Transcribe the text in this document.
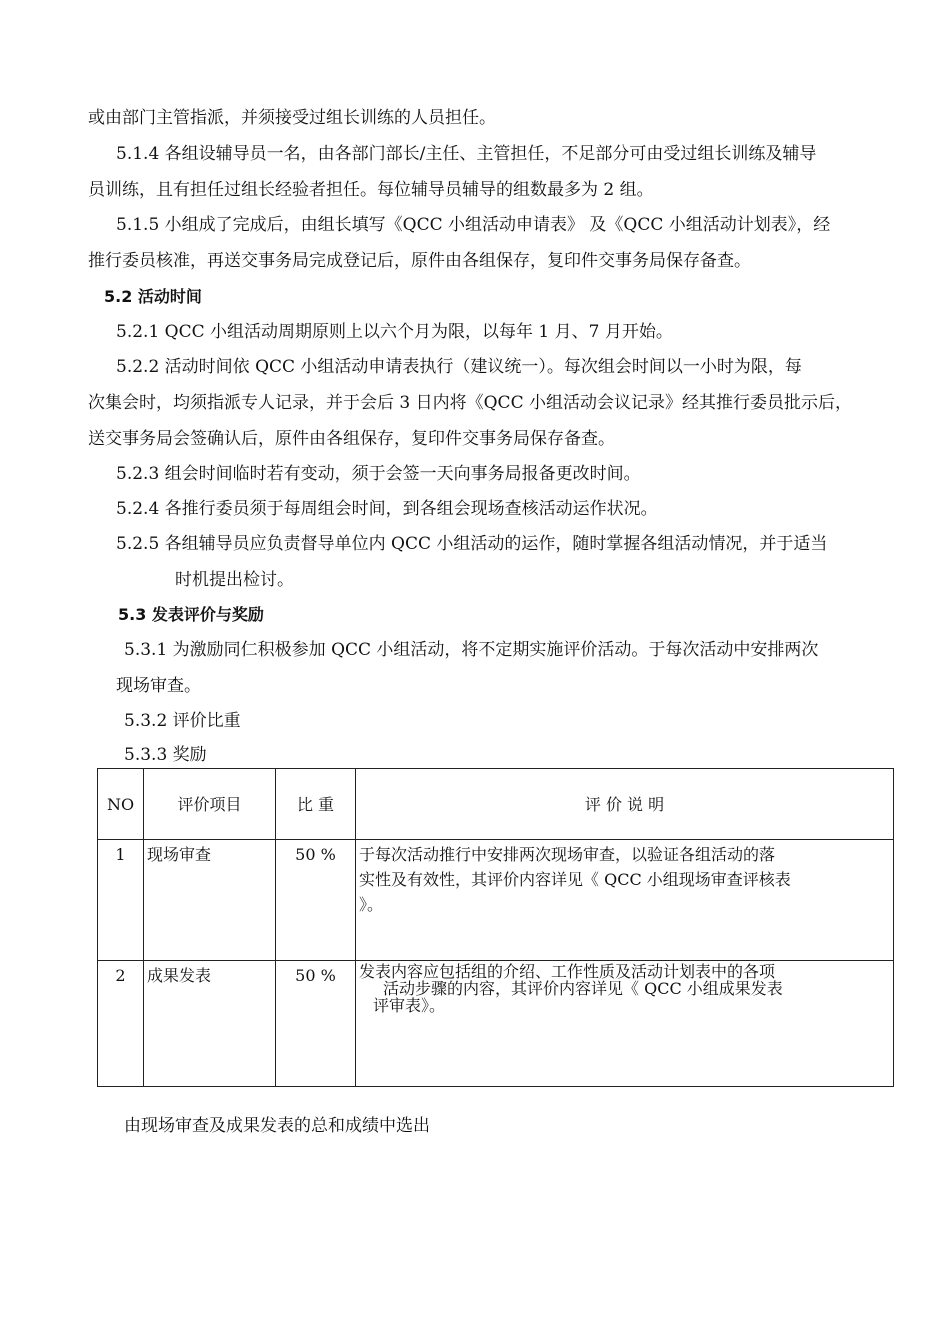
或由部门主管指派，并须接受过组长训练的人员担任。
5.1.4 各组设辅导员一名，由各部门部长/主任、主管担任，不足部分可由受过组长训练及辅导
员训练，且有担任过组长经验者担任。每位辅导员辅导的组数最多为 2 组。
5.1.5 小组成了完成后，由组长填写《QCC 小组活动申请表》 及《QCC 小组活动计划表》，经
推行委员核准，再送交事务局完成登记后，原件由各组保存，复印件交事务局保存备查。
5.2 活动时间
5.2.1 QCC 小组活动周期原则上以六个月为限，以每年 1 月、7 月开始。
5.2.2 活动时间依 QCC 小组活动申请表执行（建议统一）。每次组会时间以一小时为限，每
次集会时，均须指派专人记录，并于会后 3 日内将《QCC 小组活动会议记录》经其推行委员批示后，
送交事务局会签确认后，原件由各组保存，复印件交事务局保存备查。
5.2.3 组会时间临时若有变动，须于会签一天向事务局报备更改时间。
5.2.4 各推行委员须于每周组会时间，到各组会现场查核活动运作状况。
5.2.5 各组辅导员应负责督导单位内 QCC 小组活动的运作，随时掌握各组活动情况，并于适当
时机提出检讨。
5.3 发表评价与奖励
5.3.1 为激励同仁积极参加 QCC 小组活动，将不定期实施评价活动。于每次活动中安排两次
现场审查。
5.3.2 评价比重
5.3.3 奖励
NO	评价项目	比 重	评 价 说 明
1	现场审查	50 %	于每次活动推行中安排两次现场审查，以验证各组活动的落
实性及有效性，其评价内容详见《 QCC 小组现场审查评核表
》。

2	成果发表	50 %	发表内容应包括组的介绍、工作性质及活动计划表中的各项
活动步骤的内容，其评价内容详见《 QCC 小组成果发表
评审表》。
由现场审查及成果发表的总和成绩中选出
